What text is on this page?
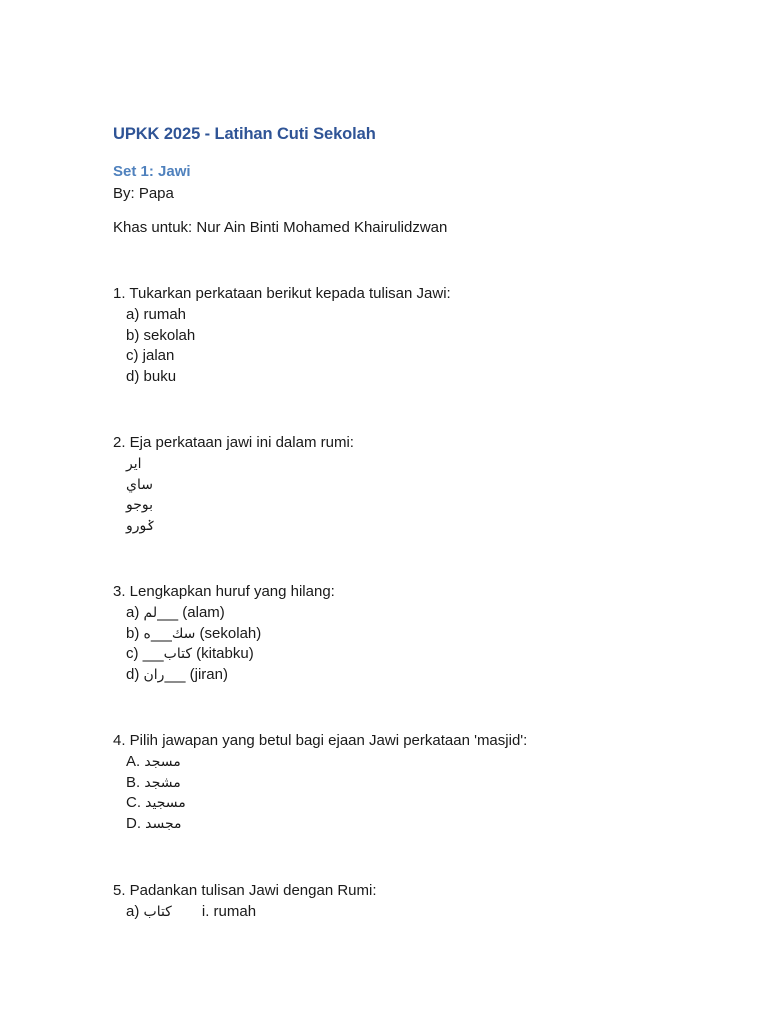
UPKK 2025 - Latihan Cuti Sekolah
Set 1: Jawi

By: Papa

Khas untuk: Nur Ain Binti Mohamed Khairulidzwan

1. Tukarkan perkataan berikut kepada tulisan Jawi:
a) rumah
b) sekolah
c) jalan
d) buku
2. Eja perkataan jawi ini dalam rumi:
اير
ساي
بوجو
ݢورو
3. Lengkapkan huruf yang hilang:
a) ___لم (alam)
b) سك___ه (sekolah)
c) كتاب___ (kitabku)
d) ___ران (jiran)
4. Pilih jawapan yang betul bagi ejaan Jawi perkataan 'masjid':
A. مسجد
B. مشجد
C. مسجيد
D. مجسد
5. Padankan tulisan Jawi dengan Rumi:
a) كتاب i. rumah
